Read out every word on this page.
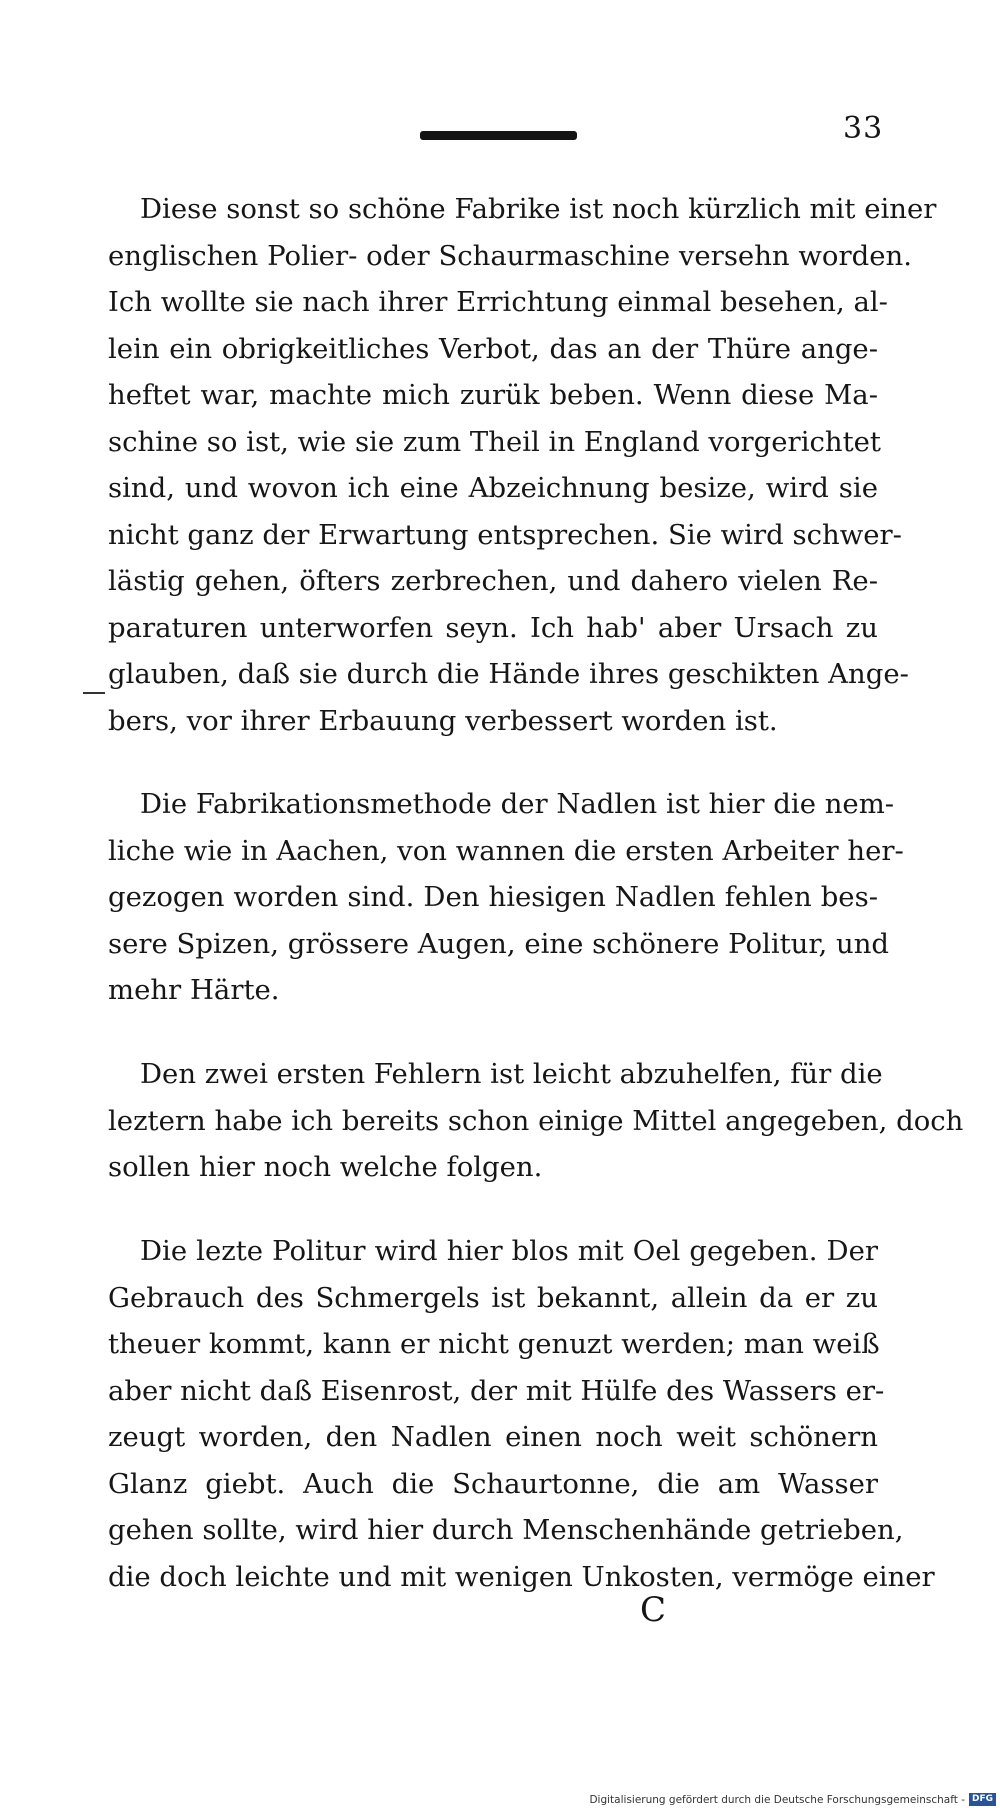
33
Diese sonst so schöne Fabrike ist noch kürzlich mit einer
englischen Polier- oder Schaurmaschine versehn worden.
Ich wollte sie nach ihrer Errichtung einmal besehen, al-
lein ein obrigkeitliches Verbot, das an der Thüre ange-
heftet war, machte mich zurük beben. Wenn diese Ma-
schine so ist, wie sie zum Theil in England vorgerichtet
sind, und wovon ich eine Abzeichnung besize, wird sie
nicht ganz der Erwartung entsprechen. Sie wird schwer-
lästig gehen, öfters zerbrechen, und dahero vielen Re-
paraturen unterworfen seyn. Ich hab' aber Ursach zu
glauben, daß sie durch die Hände ihres geschikten Ange-
bers, vor ihrer Erbauung verbessert worden ist.
Die Fabrikationsmethode der Nadlen ist hier die nem-
liche wie in Aachen, von wannen die ersten Arbeiter her-
gezogen worden sind. Den hiesigen Nadlen fehlen bes-
sere Spizen, grössere Augen, eine schönere Politur, und
mehr Härte.
Den zwei ersten Fehlern ist leicht abzuhelfen, für die
leztern habe ich bereits schon einige Mittel angegeben, doch
sollen hier noch welche folgen.
Die lezte Politur wird hier blos mit Oel gegeben. Der
Gebrauch des Schmergels ist bekannt, allein da er zu
theuer kommt, kann er nicht genuzt werden; man weiß
aber nicht daß Eisenrost, der mit Hülfe des Wassers er-
zeugt worden, den Nadlen einen noch weit schönern
Glanz giebt. Auch die Schaurtonne, die am Wasser
gehen sollte, wird hier durch Menschenhände getrieben,
die doch leichte und mit wenigen Unkosten, vermöge einer
C
Digitalisierung gefördert durch die Deutsche Forschungsgemeinschaft - DFG
